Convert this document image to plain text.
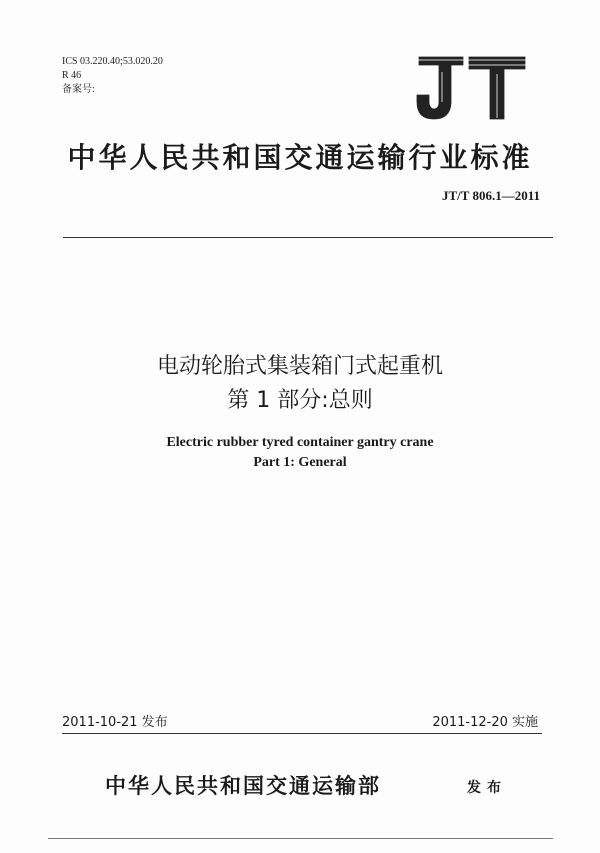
ICS 03.220.40;53.020.20
R 46
备案号:
中华人民共和国交通运输行业标准
JT/T 806.1—2011
电动轮胎式集装箱门式起重机
第 1 部分:总则
Electric rubber tyred container gantry crane
Part 1: General
2011-10-21 发布	2011-12-20 实施
中华人民共和国交通运输部	发布
